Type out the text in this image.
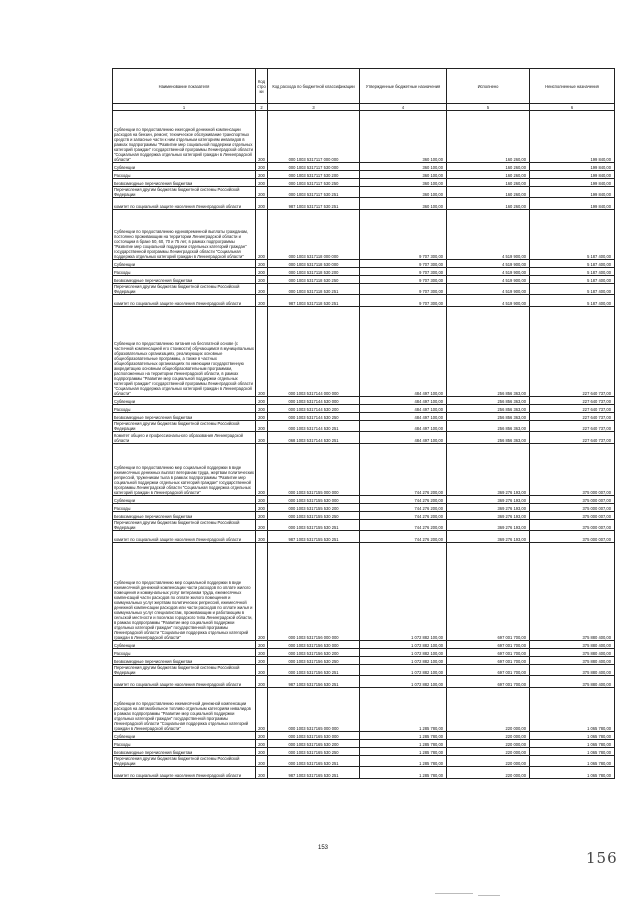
Наименование показателя	Код стро ки	Код расхода по бюджетной классификации	Утвержденные бюджетные назначения	Исполнено	Неисполненные назначения
1	2	3	4	5	6
Субвенции по предоставлению ежегодной денежной компенсации расходов на бензин, ремонт, техническое обслуживание транспортных средств и запасные части к ним отдельным категориям инвалидов в рамках подпрограммы "Развитие мер социальной поддержки отдельных категорий граждан" государственной программы Ленинградской области "Социальная поддержка отдельных категорий граждан в Ленинградской области"	200	000 1003 5317117 000 000	360 100,00	160 260,00	199 840,00
Субвенции	200	000 1003 5317117 530 000	360 100,00	160 260,00	199 840,00
Расходы	200	000 1003 5317117 530 200	360 100,00	160 260,00	199 840,00
Безвозмездные перечисления бюджетам	200	000 1003 5317117 530 250	360 100,00	160 260,00	199 840,00
Перечисления другим бюджетам бюджетной системы Российской Федерации	200	000 1003 5317117 530 251	360 100,00	160 260,00	199 840,00
комитет по социальной защите населения Ленинградской области	200	987 1003 5317117 530 251	360 100,00	160 260,00	199 840,00
Субвенции по предоставлению единовременной выплаты гражданам, постоянно проживающим на территории Ленинградской области и состоящим в браке 50, 60, 70 и 75 лет, в рамках подпрограммы "Развитие мер социальной поддержки отдельных категорий граждан" государственной программы Ленинградской области "Социальная поддержка отдельных категорий граждан в Ленинградской области"	200	000 1003 5317118 000 000	9 707 300,00	4 519 900,00	5 187 400,00
Субвенции	200	000 1003 5317118 530 000	9 707 300,00	4 519 900,00	5 187 400,00
Расходы	200	000 1003 5317118 530 200	9 707 300,00	4 519 900,00	5 187 400,00
Безвозмездные перечисления бюджетам	200	000 1003 5317118 530 250	9 707 300,00	4 519 900,00	5 187 400,00
Перечисления другим бюджетам бюджетной системы Российской Федерации	200	000 1003 5317118 530 251	9 707 300,00	4 519 900,00	5 187 400,00
комитет по социальной защите населения Ленинградской области	200	987 1003 5317118 530 251	9 707 300,00	4 519 900,00	5 187 400,00
Субвенции по предоставлению питания на бесплатной основе (с частичной компенсацией его стоимости) обучающимся в муниципальных образовательных организациях, реализующих основные общеобразовательные программы, а также в частных общеобразовательных организациях по имеющим государственную аккредитацию основным общеобразовательным программам, расположенных на территории Ленинградской области, в рамках подпрограммы "Развитие мер социальной поддержки отдельных категорий граждан" государственной программы Ленинградской области "Социальная поддержка отдельных категорий граждан в Ленинградской области"	200	000 1003 5317144 000 000	484 497 100,00	256 856 363,00	227 640 737,00
Субвенции	200	000 1003 5317144 530 000	484 497 100,00	256 856 363,00	227 640 737,00
Расходы	200	000 1003 5317144 530 200	484 497 100,00	256 856 363,00	227 640 737,00
Безвозмездные перечисления бюджетам	200	000 1003 5317144 530 250	484 497 100,00	256 856 363,00	227 640 737,00
Перечисления другим бюджетам бюджетной системы Российской Федерации	200	000 1003 5317144 530 251	484 497 100,00	256 856 363,00	227 640 737,00
Комитет общего и профессионального образования Ленинградской области	200	068 1003 5317144 530 251	484 497 100,00	256 856 363,00	227 640 737,00
Субвенции по предоставлению мер социальной поддержки в виде ежемесячных денежных выплат ветеранам труда, жертвам политических репрессий, труженикам тыла в рамках подпрограммы "Развитие мер социальной поддержки отдельных категорий граждан" государственной программы Ленинградской области "Социальная поддержка отдельных категорий граждан в Ленинградской области"	200	000 1003 5317155 000 000	744 276 200,00	369 276 193,00	375 000 007,00
Субвенции	200	000 1003 5317155 530 000	744 276 200,00	369 276 193,00	375 000 007,00
Расходы	200	000 1003 5317155 530 200	744 276 200,00	369 276 193,00	375 000 007,00
Безвозмездные перечисления бюджетам	200	000 1003 5317155 530 250	744 276 200,00	369 276 193,00	375 000 007,00
Перечисления другим бюджетам бюджетной системы Российской Федерации	200	000 1003 5317155 530 251	744 276 200,00	369 276 193,00	375 000 007,00
комитет по социальной защите населения Ленинградской области	200	987 1003 5317155 530 251	744 276 200,00	369 276 193,00	375 000 007,00
Субвенции по предоставлению мер социальной поддержки в виде ежемесячной денежной компенсации части расходов по оплате жилого помещения и коммунальных услуг ветеранам труда, ежемесячных компенсаций части расходов по оплате жилого помещения и коммунальных услуг жертвам политических репрессий, ежемесячной денежной компенсации расходов или части расходов по оплате жилья и коммунальных услуг специалистам, проживающим и работающим в сельской местности и поселках городского типа Ленинградской области, в рамках подпрограммы "Развитие мер социальной поддержки отдельных категорий граждан" государственной программы Ленинградской области "Социальная поддержка отдельных категорий граждан в Ленинградской области"	200	000 1003 5317156 000 000	1 072 882 100,00	697 001 700,00	375 880 400,00
Субвенции	200	000 1003 5317156 530 000	1 072 882 100,00	697 001 700,00	375 880 400,00
Расходы	200	000 1003 5317156 530 200	1 072 882 100,00	697 001 700,00	375 880 400,00
Безвозмездные перечисления бюджетам	200	000 1003 5317156 530 250	1 072 882 100,00	697 001 700,00	375 880 400,00
Перечисления другим бюджетам бюджетной системы Российской Федерации	200	000 1003 5317156 530 251	1 072 882 100,00	697 001 700,00	375 880 400,00
комитет по социальной защите населения Ленинградской области	200	987 1003 5317156 530 251	1 072 882 100,00	697 001 700,00	375 880 400,00
Субвенции по предоставлению ежемесячной денежной компенсации расходов на автомобильное топливо отдельным категориям инвалидов в рамках подпрограммы "Развитие мер социальной поддержки отдельных категорий граждан" государственной программы Ленинградской области "Социальная поддержка отдельных категорий граждан в Ленинградской области"	200	000 1003 5317165 000 000	1 285 780,00	220 000,00	1 065 780,00
Субвенции	200	000 1003 5317165 530 000	1 285 780,00	220 000,00	1 065 780,00
Расходы	200	000 1003 5317165 530 200	1 285 780,00	220 000,00	1 065 780,00
Безвозмездные перечисления бюджетам	200	000 1003 5317165 530 250	1 285 780,00	220 000,00	1 065 780,00
Перечисления другим бюджетам бюджетной системы Российской Федерации	200	000 1003 5317165 530 251	1 285 780,00	220 000,00	1 065 780,00
комитет по социальной защите населения Ленинградской области	200	987 1003 5317165 530 251	1 285 780,00	220 000,00	1 065 780,00
153
156
